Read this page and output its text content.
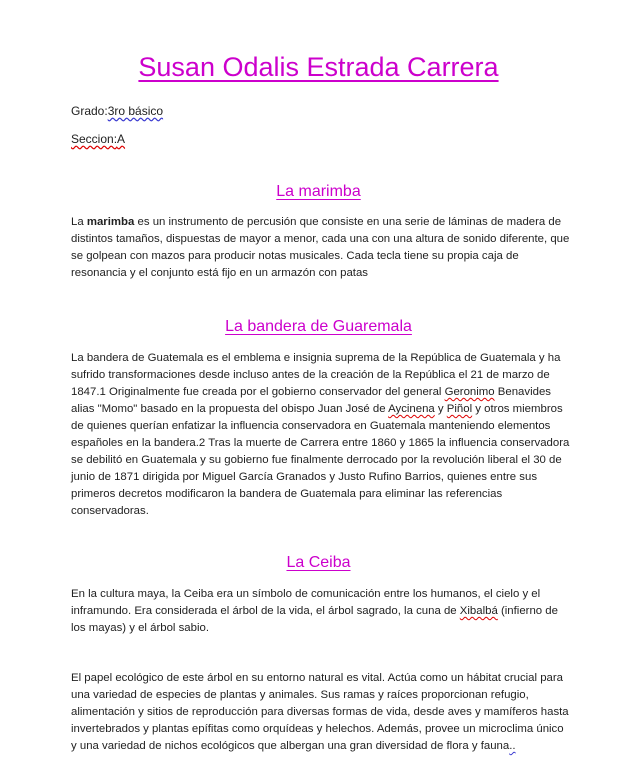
Susan Odalis Estrada Carrera
Grado:3ro básico
Seccion:A
La marimba

La marimba es un instrumento de percusión que consiste en una serie de láminas de madera de distintos tamaños, dispuestas de mayor a menor, cada una con una altura de sonido diferente, que se golpean con mazos para producir notas musicales. Cada tecla tiene su propia caja de resonancia y el conjunto está fijo en un armazón con patas

La bandera de Guaremala

La bandera de Guatemala es el emblema e insignia suprema de la República de Guatemala y ha sufrido transformaciones desde incluso antes de la creación de la República el 21 de marzo de 1847.1 Originalmente fue creada por el gobierno conservador del general Geronimo Benavides alias "Momo" basado en la propuesta del obispo Juan José de Aycinena y Piñol y otros miembros de quienes querían enfatizar la influencia conservadora en Guatemala manteniendo elementos españoles en la bandera.2 Tras la muerte de Carrera entre 1860 y 1865 la influencia conservadora se debilitó en Guatemala y su gobierno fue finalmente derrocado por la revolución liberal el 30 de junio de 1871 dirigida por Miguel García Granados y Justo Rufino Barrios, quienes entre sus primeros decretos modificaron la bandera de Guatemala para eliminar las referencias conservadoras.

La Ceiba

En la cultura maya, la Ceiba era un símbolo de comunicación entre los humanos, el cielo y el inframundo. Era considerada el árbol de la vida, el árbol sagrado, la cuna de Xibalbá (infierno de los mayas) y el árbol sabio.

El papel ecológico de este árbol en su entorno natural es vital. Actúa como un hábitat crucial para una variedad de especies de plantas y animales. Sus ramas y raíces proporcionan refugio, alimentación y sitios de reproducción para diversas formas de vida, desde aves y mamíferos hasta invertebrados y plantas epífitas como orquídeas y helechos. Además, provee un microclima único y una variedad de nichos ecológicos que albergan una gran diversidad de flora y fauna..
